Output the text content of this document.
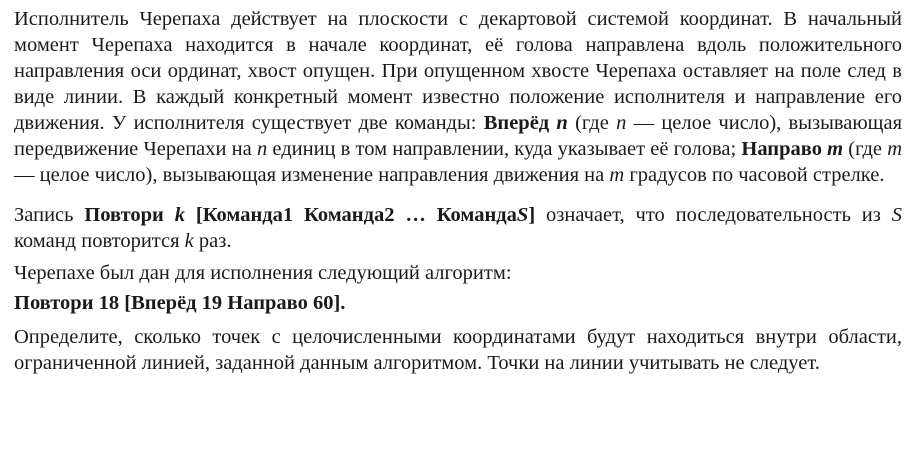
Исполнитель Черепаха действует на плоскости с декартовой системой координат. В начальный момент Черепаха находится в начале координат, её голова направлена вдоль положительного направления оси ординат, хвост опущен. При опущенном хвосте Черепаха оставляет на поле след в виде линии. В каждый конкретный момент известно положение исполнителя и направление его движения. У исполнителя существует две команды: Вперёд n (где n — целое число), вызывающая передвижение Черепахи на n единиц в том направлении, куда указывает её голова; Направо m (где m — целое число), вызывающая изменение направления движения на m градусов по часовой стрелке.

Запись Повтори k [Команда1 Команда2 … КомандаS] означает, что последовательность из S команд повторится k раз.

Черепахе был дан для исполнения следующий алгоритм:

Повтори 18 [Вперёд 19 Направо 60].

Определите, сколько точек с целочисленными координатами будут находиться внутри области, ограниченной линией, заданной данным алгоритмом. Точки на линии учитывать не следует.
